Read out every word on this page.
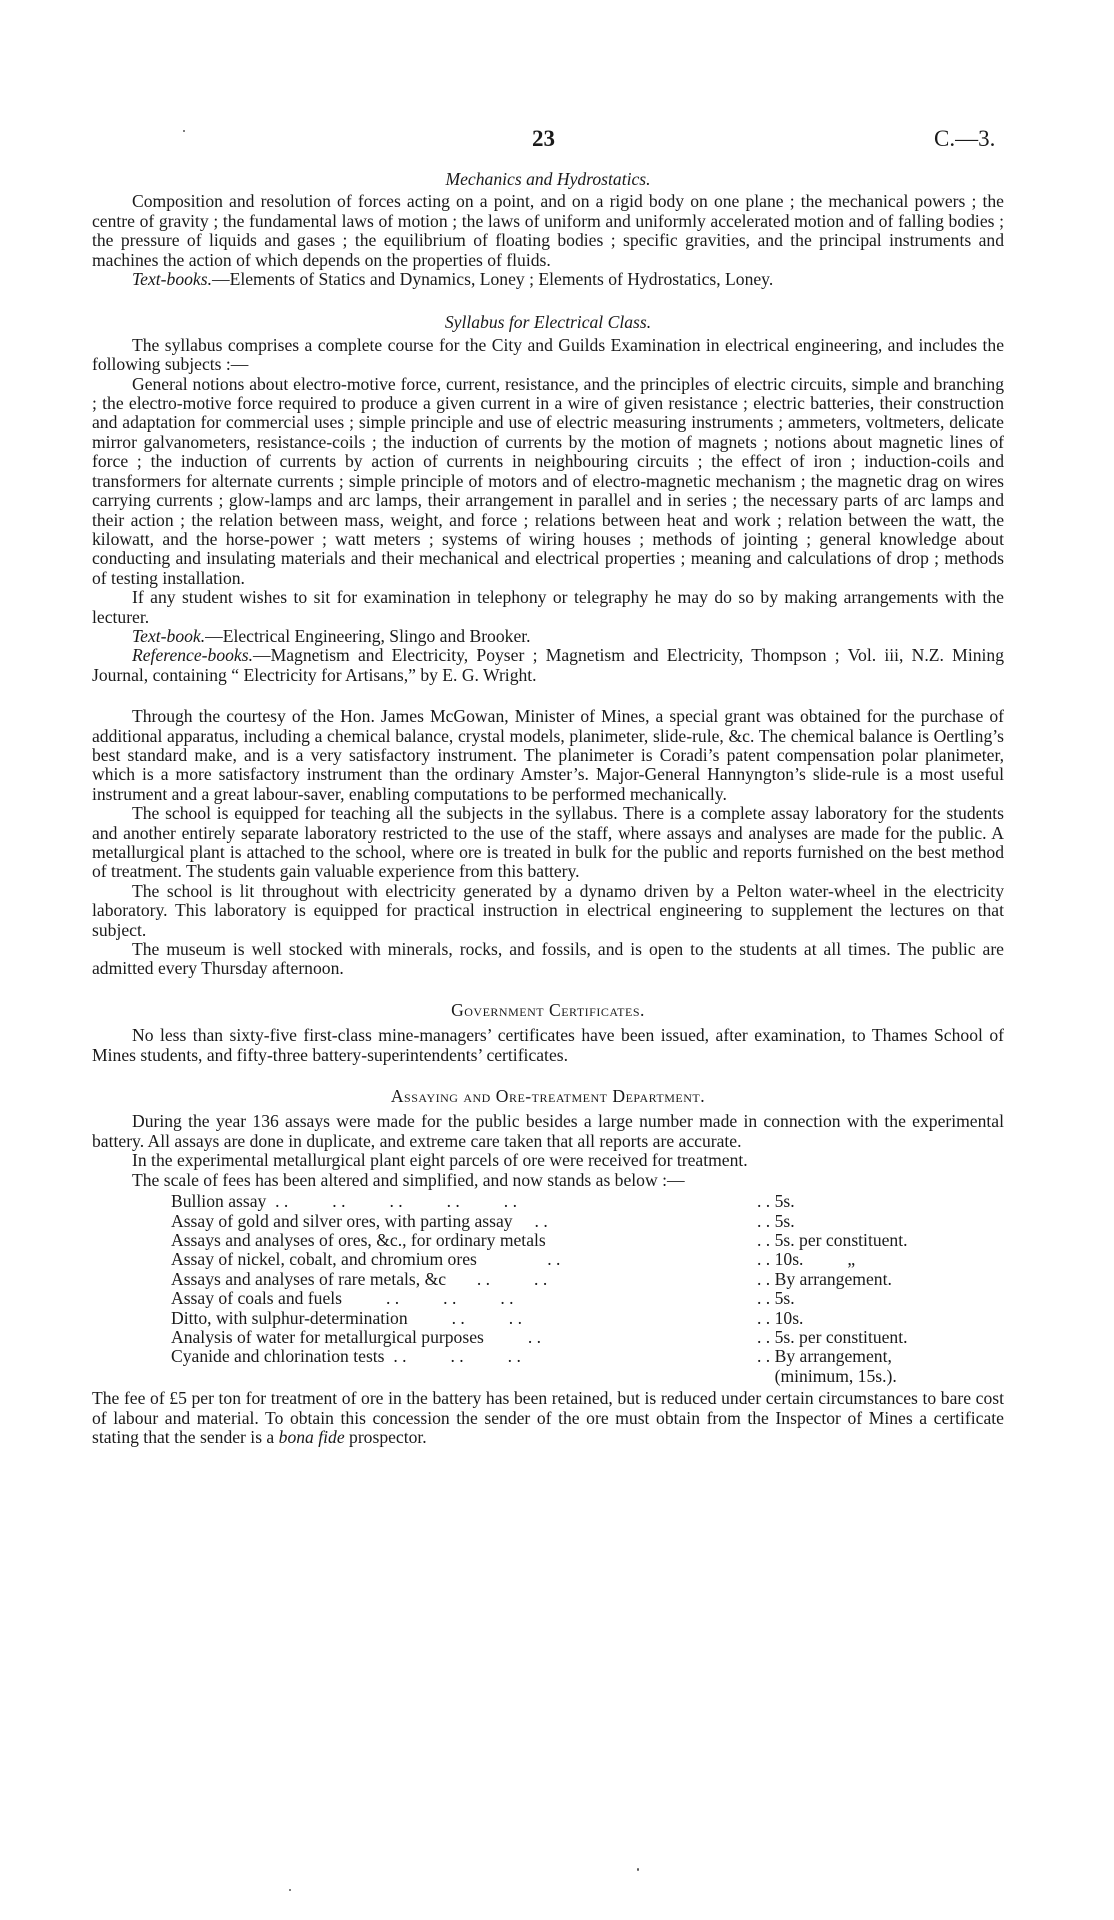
23	C.—3.

Mechanics and Hydrostatics.

Composition and resolution of forces acting on a point, and on a rigid body on one plane ; the mechanical powers ; the centre of gravity ; the fundamental laws of motion ; the laws of uniform and uniformly accelerated motion and of falling bodies ; the pressure of liquids and gases ; the equilibrium of floating bodies ; specific gravities, and the principal instruments and machines the action of which depends on the properties of fluids.

Text-books.—Elements of Statics and Dynamics, Loney ; Elements of Hydrostatics, Loney.

Syllabus for Electrical Class.

The syllabus comprises a complete course for the City and Guilds Examination in electrical engineering, and includes the following subjects :—

General notions about electro-motive force, current, resistance, and the principles of electric circuits, simple and branching ; the electro-motive force required to produce a given current in a wire of given resistance ; electric batteries, their construction and adaptation for commercial uses ; simple principle and use of electric measuring instruments ; ammeters, voltmeters, delicate mirror galvanometers, resistance-coils ; the induction of currents by the motion of magnets ; notions about magnetic lines of force ; the induction of currents by action of currents in neighbouring circuits ; the effect of iron ; induction-coils and transformers for alternate currents ; simple principle of motors and of electro-magnetic mechanism ; the magnetic drag on wires carrying currents ; glow-lamps and arc lamps, their arrangement in parallel and in series ; the necessary parts of arc lamps and their action ; the relation between mass, weight, and force ; relations between heat and work ; relation between the watt, the kilowatt, and the horse-power ; watt meters ; systems of wiring houses ; methods of jointing ; general knowledge about conducting and insulating materials and their mechanical and electrical properties ; meaning and calculations of drop ; methods of testing installation.

If any student wishes to sit for examination in telephony or telegraphy he may do so by making arrangements with the lecturer.

Text-book.—Electrical Engineering, Slingo and Brooker.

Reference-books.—Magnetism and Electricity, Poyser ; Magnetism and Electricity, Thompson ; Vol. iii, N.Z. Mining Journal, containing “ Electricity for Artisans,” by E. G. Wright.

Through the courtesy of the Hon. James McGowan, Minister of Mines, a special grant was obtained for the purchase of additional apparatus, including a chemical balance, crystal models, planimeter, slide-rule, &c. The chemical balance is Oertling’s best standard make, and is a very satisfactory instrument. The planimeter is Coradi’s patent compensation polar planimeter, which is a more satisfactory instrument than the ordinary Amster’s. Major-General Hannyngton’s slide-rule is a most useful instrument and a great labour-saver, enabling computations to be performed mechanically.

The school is equipped for teaching all the subjects in the syllabus. There is a complete assay laboratory for the students and another entirely separate laboratory restricted to the use of the staff, where assays and analyses are made for the public. A metallurgical plant is attached to the school, where ore is treated in bulk for the public and reports furnished on the best method of treatment. The students gain valuable experience from this battery.

The school is lit throughout with electricity generated by a dynamo driven by a Pelton water-wheel in the electricity laboratory. This laboratory is equipped for practical instruction in electrical engineering to supplement the lectures on that subject.

The museum is well stocked with minerals, rocks, and fossils, and is open to the students at all times. The public are admitted every Thursday afternoon.

Government Certificates.

No less than sixty-five first-class mine-managers’ certificates have been issued, after examination, to Thames School of Mines students, and fifty-three battery-superintendents’ certificates.

Assaying and Ore-treatment Department.

During the year 136 assays were made for the public besides a large number made in connection with the experimental battery. All assays are done in duplicate, and extreme care taken that all reports are accurate.

In the experimental metallurgical plant eight parcels of ore were received for treatment.

The scale of fees has been altered and simplified, and now stands as below :—

Bullion assay  . .          . .          . .          . .          . .	. . 5s.
Assay of gold and silver ores, with parting assay     . .	. . 5s.
Assays and analyses of ores, &c., for ordinary metals	. . 5s. per constituent.
Assay of nickel, cobalt, and chromium ores                . .	. . 10s.          „
Assays and analyses of rare metals, &c       . .          . .	. . By arrangement.
Assay of coals and fuels          . .          . .          . .	. . 5s.
Ditto, with sulphur-determination          . .          . .	. . 10s.
Analysis of water for metallurgical purposes          . .	. . 5s. per constituent.
Cyanide and chlorination tests  . .          . .          . .	. . By arrangement,
(minimum, 15s.).

The fee of £5 per ton for treatment of ore in the battery has been retained, but is reduced under certain circumstances to bare cost of labour and material. To obtain this concession the sender of the ore must obtain from the Inspector of Mines a certificate stating that the sender is a bona fide prospector.
